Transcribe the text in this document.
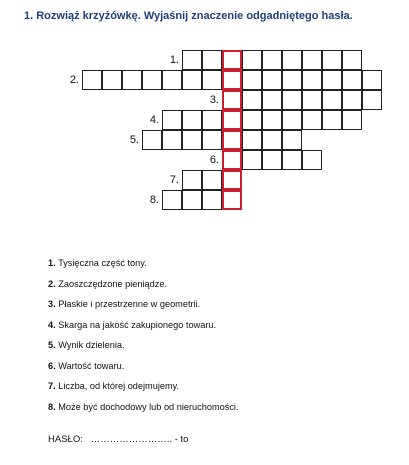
1. Rozwiąż krzyżówkę. Wyjaśnij znaczenie odgadniętego hasła.
1.
2.
3.
4.
5.
6.
7.
8.
1. Tysięczna część tony.
2. Zaoszczędzone pieniądze.
3. Płaskie i przestrzenne w geometrii.
4. Skarga na jakość zakupionego towaru.
5. Wynik dzielenia.
6. Wartość towaru.
7. Liczba, od której odejmujemy.
8. Może być dochodowy lub od nieruchomości.
HASŁO: …………………….. - to
